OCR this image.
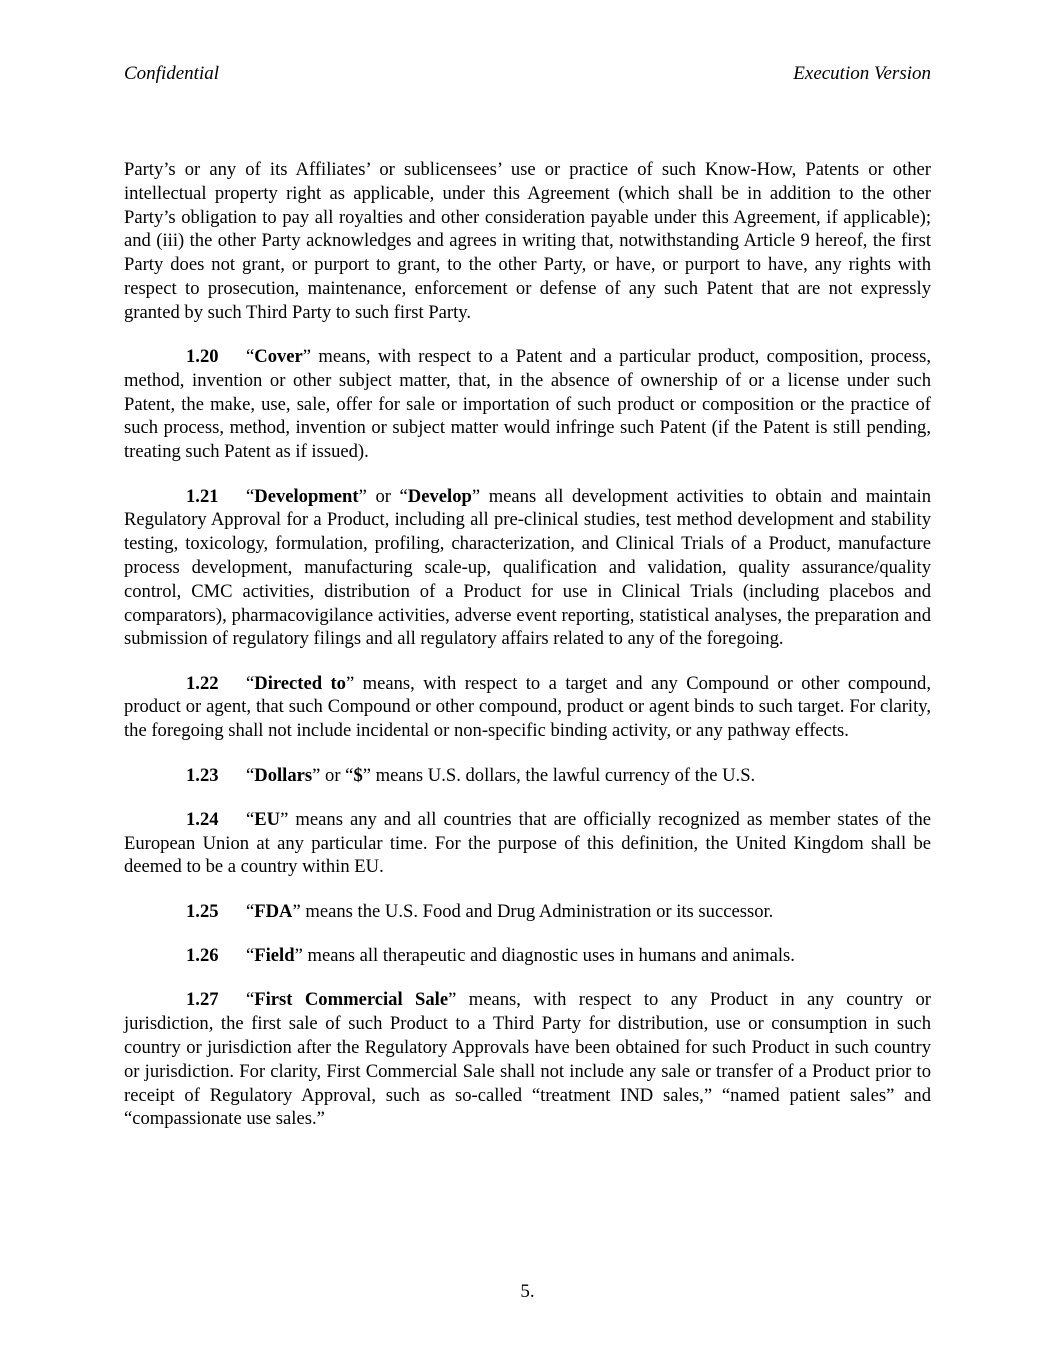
Confidential	Execution Version

Party’s or any of its Affiliates’ or sublicensees’ use or practice of such Know-How, Patents or other intellectual property right as applicable, under this Agreement (which shall be in addition to the other Party’s obligation to pay all royalties and other consideration payable under this Agreement, if applicable); and (iii) the other Party acknowledges and agrees in writing that, notwithstanding Article 9 hereof, the first Party does not grant, or purport to grant, to the other Party, or have, or purport to have, any rights with respect to prosecution, maintenance, enforcement or defense of any such Patent that are not expressly granted by such Third Party to such first Party.

1.20 “Cover” means, with respect to a Patent and a particular product, composition, process, method, invention or other subject matter, that, in the absence of ownership of or a license under such Patent, the make, use, sale, offer for sale or importation of such product or composition or the practice of such process, method, invention or subject matter would infringe such Patent (if the Patent is still pending, treating such Patent as if issued).

1.21 “Development” or “Develop” means all development activities to obtain and maintain Regulatory Approval for a Product, including all pre-clinical studies, test method development and stability testing, toxicology, formulation, profiling, characterization, and Clinical Trials of a Product, manufacture process development, manufacturing scale-up, qualification and validation, quality assurance/quality control, CMC activities, distribution of a Product for use in Clinical Trials (including placebos and comparators), pharmacovigilance activities, adverse event reporting, statistical analyses, the preparation and submission of regulatory filings and all regulatory affairs related to any of the foregoing.

1.22 “Directed to” means, with respect to a target and any Compound or other compound, product or agent, that such Compound or other compound, product or agent binds to such target. For clarity, the foregoing shall not include incidental or non-specific binding activity, or any pathway effects.

1.23 “Dollars” or “$” means U.S. dollars, the lawful currency of the U.S.

1.24 “EU” means any and all countries that are officially recognized as member states of the European Union at any particular time. For the purpose of this definition, the United Kingdom shall be deemed to be a country within EU.

1.25 “FDA” means the U.S. Food and Drug Administration or its successor.

1.26 “Field” means all therapeutic and diagnostic uses in humans and animals.

1.27 “First Commercial Sale” means, with respect to any Product in any country or jurisdiction, the first sale of such Product to a Third Party for distribution, use or consumption in such country or jurisdiction after the Regulatory Approvals have been obtained for such Product in such country or jurisdiction. For clarity, First Commercial Sale shall not include any sale or transfer of a Product prior to receipt of Regulatory Approval, such as so-called “treatment IND sales,” “named patient sales” and “compassionate use sales.”

5.
